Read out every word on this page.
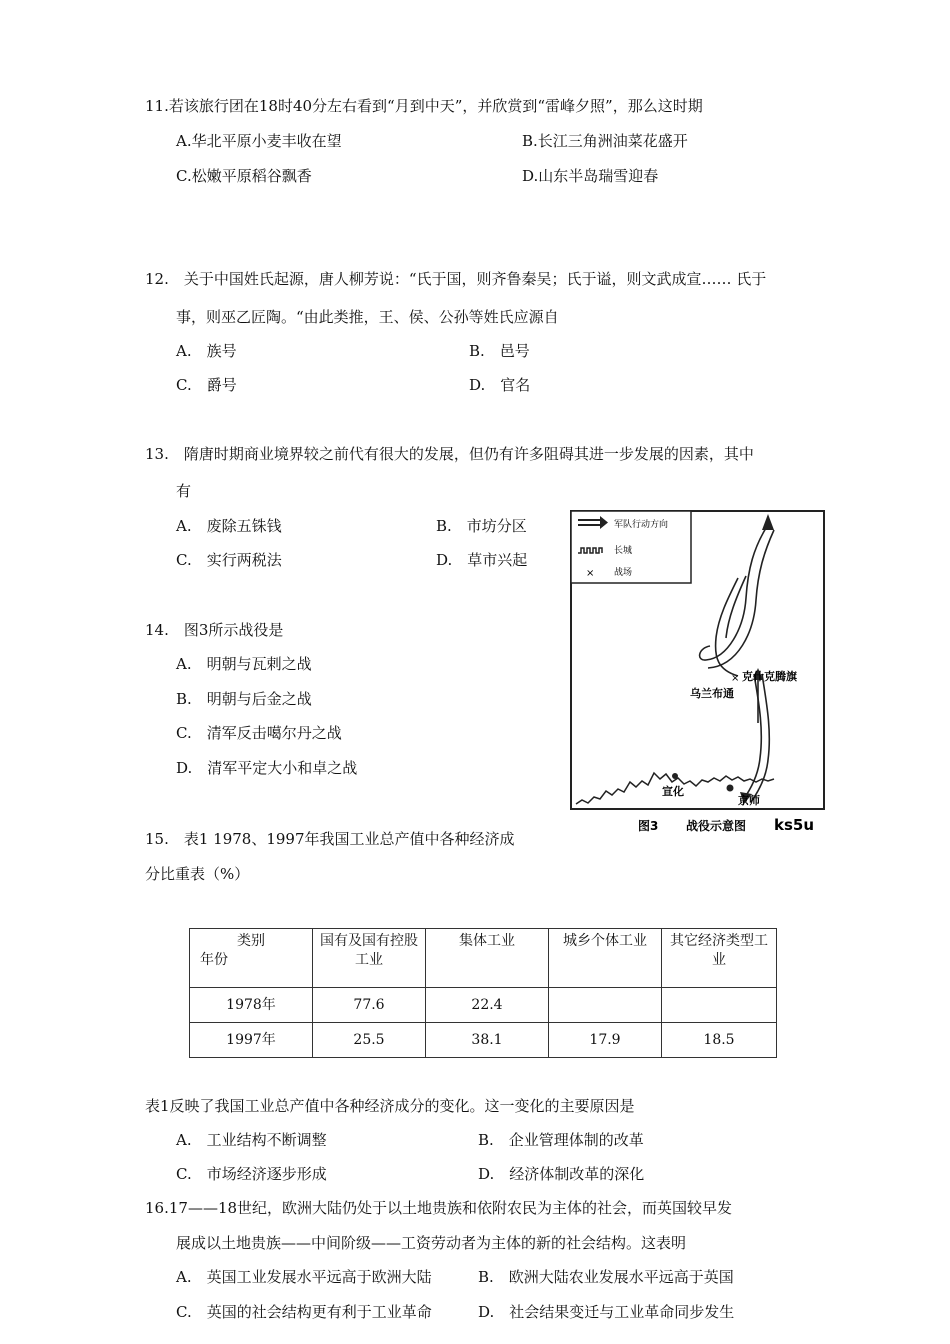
11.若该旅行团在18时40分左右看到“月到中天”，并欣赏到“雷峰夕照”，那么这时期
A.华北平原小麦丰收在望	B.长江三角洲油菜花盛开
C.松嫩平原稻谷飘香	D.山东半岛瑞雪迎春
12.　关于中国姓氏起源，唐人柳芳说：“氏于国，则齐鲁秦吴；氏于谥，则文武成宣…… 氏于
事，则巫乙匠陶。“由此类推，王、侯、公孙等姓氏应源自
A.　族号	B.　邑号
C.　爵号	D.　官名
13.　隋唐时期商业境界较之前代有很大的发展，但仍有许多阻碍其进一步发展的因素，其中
有
A.　废除五铢钱	B.　市坊分区
C.　实行两税法	D.　草市兴起
14.　图3所示战役是
A.　明朝与瓦剌之战
B.　明朝与后金之战
C.　清军反击噶尔丹之战
D.　清军平定大小和卓之战
军队行动方向
长城
× 战场
× 克什克腾旗
乌兰布通
宣化
京师
图3 战役示意图 ks5u
15.　表1 1978、1997年我国工业总产值中各种经济成
分比重表（%）
类别
年份	国有及国有控股工业	集体工业	城乡个体工业	其它经济类型工业
1978年	77.6	22.4		
1997年	25.5	38.1	17.9	18.5
表1反映了我国工业总产值中各种经济成分的变化。这一变化的主要原因是
A.　工业结构不断调整	B.　企业管理体制的改革
C.　市场经济逐步形成	D.　经济体制改革的深化
16.17——18世纪，欧洲大陆仍处于以土地贵族和依附农民为主体的社会，而英国较早发
展成以土地贵族——中间阶级——工资劳动者为主体的新的社会结构。这表明
A.　英国工业发展水平远高于欧洲大陆	B.　欧洲大陆农业发展水平远高于英国
C.　英国的社会结构更有利于工业革命	D.　社会结果变迁与工业革命同步发生
